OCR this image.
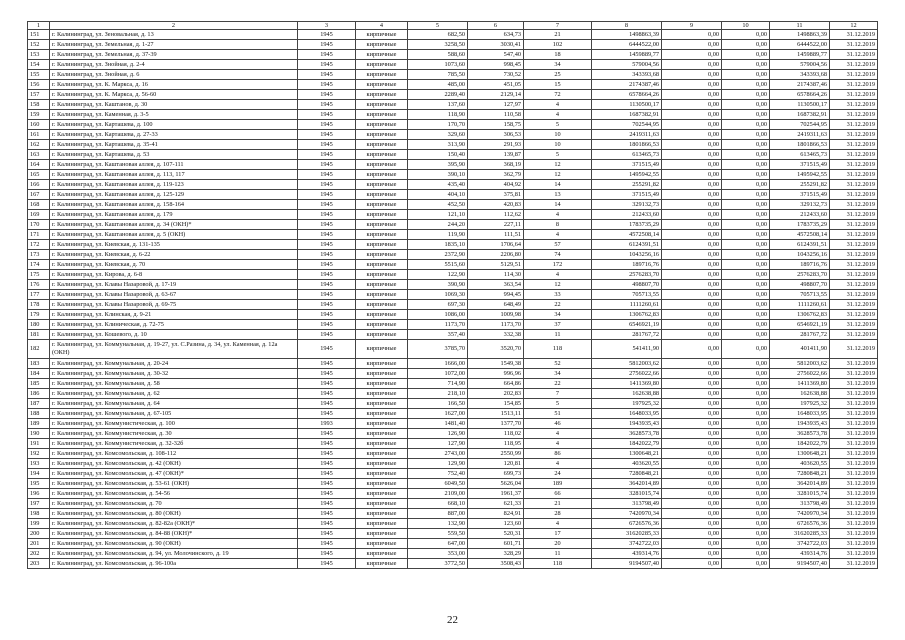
1	2	3	4	5	6	7	8	9	10	11	12
151	г. Калининград, ул. Зеновальная, д. 13	1945	кирпичные	682,50	634,73	21	1498863,39	0,00	0,00	1498863,39	31.12.2019
152	г. Калининград, ул. Земельная, д. 1-27	1945	кирпичные	3258,50	3030,41	102	6444522,00	0,00	0,00	6444522,00	31.12.2019
153	г. Калининград, ул. Земельная, д. 37-39	1945	кирпичные	588,60	547,40	18	1459889,77	0,00	0,00	1459889,77	31.12.2019
154	г. Калининград, ул. Знойная, д. 2-4	1945	кирпичные	1073,60	998,45	34	579004,56	0,00	0,00	579004,56	31.12.2019
155	г. Калининград, ул. Знойная, д. 6	1945	кирпичные	785,50	730,52	25	343393,68	0,00	0,00	343393,68	31.12.2019
156	г. Калининград, ул. К. Маркса, д. 16	1945	кирпичные	485,00	451,05	15	2174387,46	0,00	0,00	2174387,46	31.12.2019
157	г. Калининград, ул. К. Маркса, д. 56-60	1945	кирпичные	2289,40	2129,14	72	6578664,26	0,00	0,00	6578664,26	31.12.2019
158	г. Калининград, ул. Каштанов, д. 30	1945	кирпичные	137,60	127,97	4	1130500,17	0,00	0,00	1130500,17	31.12.2019
159	г. Калининград, ул. Каменная, д. 3-5	1945	кирпичные	118,90	110,58	4	1687382,91	0,00	0,00	1687382,91	31.12.2019
160	г. Калининград, ул. Карташева, д. 100	1945	кирпичные	170,70	158,75	5	702544,95	0,00	0,00	702544,95	31.12.2019
161	г. Калининград, ул. Карташева, д. 27-33	1945	кирпичные	329,60	306,53	10	2419311,63	0,00	0,00	2419311,63	31.12.2019
162	г. Калининград, ул. Карташева, д. 35-41	1945	кирпичные	313,90	291,93	10	1801866,53	0,00	0,00	1801866,53	31.12.2019
163	г. Калининград, ул. Карташева, д. 53	1945	кирпичные	150,40	139,87	5	613465,73	0,00	0,00	613465,73	31.12.2019
164	г. Калининград, ул. Каштановая аллея, д. 107-111	1945	кирпичные	395,90	368,19	12	371515,49	0,00	0,00	371515,49	31.12.2019
165	г. Калининград, ул. Каштановая аллея, д. 113, 117	1945	кирпичные	390,10	362,79	12	1495942,55	0,00	0,00	1495942,55	31.12.2019
166	г. Калининград, ул. Каштановая аллея, д. 119-123	1945	кирпичные	435,40	404,92	14	255291,82	0,00	0,00	255291,82	31.12.2019
167	г. Калининград, ул. Каштановая аллея, д. 125-129	1945	кирпичные	404,10	375,81	13	371515,49	0,00	0,00	371515,49	31.12.2019
168	г. Калининград, ул. Каштановая аллея, д. 158-164	1945	кирпичные	452,50	420,83	14	329132,73	0,00	0,00	329132,73	31.12.2019
169	г. Калининград, ул. Каштановая аллея, д. 179	1945	кирпичные	121,10	112,62	4	212433,60	0,00	0,00	212433,60	31.12.2019
170	г. Калининград, ул. Каштановая аллея, д. 34 (ОКН)*	1945	кирпичные	244,20	227,11	8	1783735,29	0,00	0,00	1783735,29	31.12.2019
171	г. Калининград, ул. Каштановая аллея, д. 5 (ОКН)	1945	кирпичные	119,90	111,51	4	4572508,14	0,00	0,00	4572508,14	31.12.2019
172	г. Калининград, ул. Киевская, д. 131-135	1945	кирпичные	1835,10	1706,64	57	6124391,51	0,00	0,00	6124391,51	31.12.2019
173	г. Калининград, ул. Киевская, д. 6-22	1945	кирпичные	2372,90	2206,80	74	1043256,16	0,00	0,00	1043256,16	31.12.2019
174	г. Калининград, ул. Киевская, д. 70	1945	кирпичные	5515,60	5129,51	172	189716,76	0,00	0,00	189716,76	31.12.2019
175	г. Калининград, ул. Кирова, д. 6-8	1945	кирпичные	122,90	114,30	4	2576283,70	0,00	0,00	2576283,70	31.12.2019
176	г. Калининград, ул. Клавы Назаровой, д. 17-19	1945	кирпичные	390,90	363,54	12	498807,70	0,00	0,00	498807,70	31.12.2019
177	г. Калининград, ул. Клавы Назаровой, д. 63-67	1945	кирпичные	1069,30	994,45	33	705713,55	0,00	0,00	705713,55	31.12.2019
178	г. Калининград, ул. Клавы Назаровой, д. 69-75	1945	кирпичные	697,30	648,49	22	1111260,61	0,00	0,00	1111260,61	31.12.2019
179	г. Калининград, ул. Клинская, д. 9-21	1945	кирпичные	1086,00	1009,98	34	1306762,83	0,00	0,00	1306762,83	31.12.2019
180	г. Калининград, ул. Клиническая, д. 72-75	1945	кирпичные	1173,70	1173,70	37	6546921,19	0,00	0,00	6546921,19	31.12.2019
181	г. Калининград, ул. Кошевого, д. 10	1945	кирпичные	357,40	332,38	11	281767,72	0,00	0,00	281767,72	31.12.2019
182	г. Калининград, ул. Коммунальная, д. 19-27, ул. С.Разина, д. 34, ул. Каменная, д. 12а (ОКН)	1945	кирпичные	3785,70	3520,70	118	541411,90	0,00	0,00	401411,90	31.12.2019
183	г. Калининград, ул. Коммунальная, д. 20-24	1945	кирпичные	1666,00	1549,38	52	5812003,62	0,00	0,00	5812003,62	31.12.2019
184	г. Калининград, ул. Коммунальная, д. 30-32	1945	кирпичные	1072,00	996,96	34	2756022,66	0,00	0,00	2756022,66	31.12.2019
185	г. Калининград, ул. Коммунальная, д. 58	1945	кирпичные	714,90	664,86	22	1411369,80	0,00	0,00	1411369,80	31.12.2019
186	г. Калининград, ул. Коммунальная, д. 62	1945	кирпичные	218,10	202,83	7	162638,88	0,00	0,00	162638,88	31.12.2019
187	г. Калининград, ул. Коммунальная, д. 64	1945	кирпичные	166,50	154,85	5	197925,32	0,00	0,00	197925,32	31.12.2019
188	г. Калининград, ул. Коммунальная, д. 67-105	1945	кирпичные	1627,00	1513,11	51	1648033,95	0,00	0,00	1648033,95	31.12.2019
189	г. Калининград, ул. Коммунистическая, д. 100	1993	кирпичные	1481,40	1377,70	46	1943935,43	0,00	0,00	1943935,43	31.12.2019
190	г. Калининград, ул. Коммунистическая, д. 30	1945	кирпичные	126,90	118,02	4	3628573,78	0,00	0,00	3628573,78	31.12.2019
191	г. Калининград, ул. Коммунистическая, д. 32-32б	1945	кирпичные	127,90	118,95	4	1842022,79	0,00	0,00	1842022,79	31.12.2019
192	г. Калининград, ул. Комсомольская, д. 108-112	1945	кирпичные	2743,00	2550,99	86	1300648,21	0,00	0,00	1300648,21	31.12.2019
193	г. Калининград, ул. Комсомольская, д. 42 (ОКН)	1945	кирпичные	129,90	120,81	4	403620,55	0,00	0,00	403620,55	31.12.2019
194	г. Калининград, ул. Комсомольская, д. 47 (ОКН)*	1945	кирпичные	752,40	699,73	24	7280848,21	0,00	0,00	7280848,21	31.12.2019
195	г. Калининград, ул. Комсомольская, д. 53-61 (ОКН)	1945	кирпичные	6049,50	5626,04	189	3642014,89	0,00	0,00	3642014,89	31.12.2019
196	г. Калининград, ул. Комсомольская, д. 54-56	1945	кирпичные	2109,00	1961,37	66	3281015,74	0,00	0,00	3281015,74	31.12.2019
197	г. Калининград, ул. Комсомольская, д. 70	1945	кирпичные	668,10	621,33	21	313798,49	0,00	0,00	313798,49	31.12.2019
198	г. Калининград, ул. Комсомольская, д. 80 (ОКН)	1945	кирпичные	887,00	824,91	28	7420970,34	0,00	0,00	7420970,34	31.12.2019
199	г. Калининград, ул. Комсомольская, д. 82-82а (ОКН)*	1945	кирпичные	132,90	123,60	4	6726576,36	0,00	0,00	6726576,36	31.12.2019
200	г. Калининград, ул. Комсомольская, д. 84-88 (ОКН)*	1945	кирпичные	559,50	520,31	17	31620285,33	0,00	0,00	31620285,33	31.12.2019
201	г. Калининград, ул. Комсомольская, д. 90 (ОКН)	1945	кирпичные	647,00	601,71	20	3742722,03	0,00	0,00	3742722,03	31.12.2019
202	г. Калининград, ул. Комсомольская, д. 94, ул. Молочинского, д. 19	1945	кирпичные	353,00	328,29	11	439314,76	0,00	0,00	439314,76	31.12.2019
203	г. Калининград, ул. Комсомольская, д. 96-100а	1945	кирпичные	3772,50	3508,43	118	9194507,40	0,00	0,00	9194507,40	31.12.2019
22
